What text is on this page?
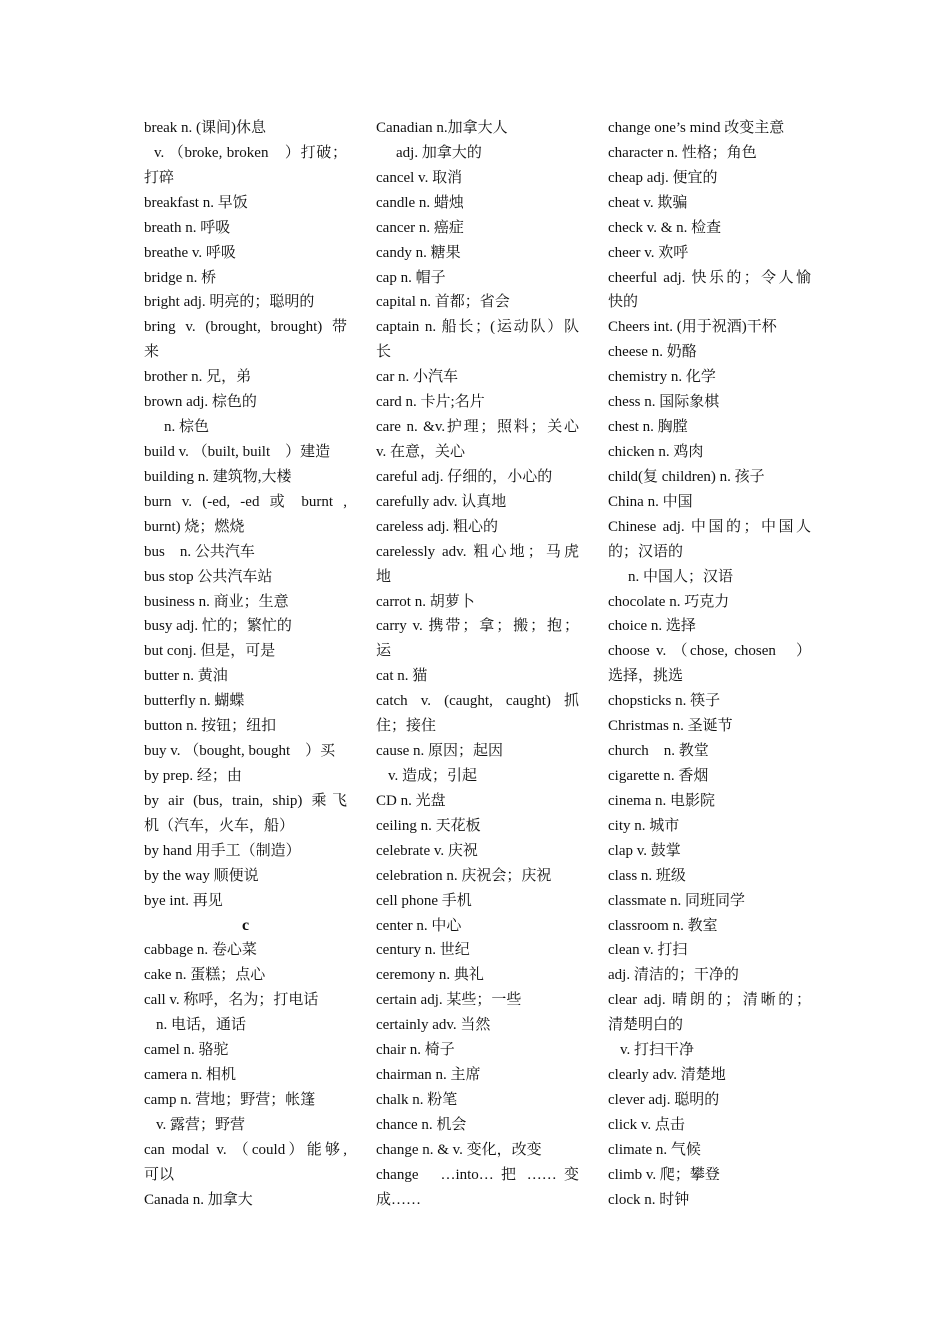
break n. (课间)休息
v. （broke, broken　）打破；
打碎
breakfast n. 早饭
breath n. 呼吸
breathe v. 呼吸
bridge n. 桥
bright adj. 明亮的；聪明的
bring v. (brought, brought) 带
来
brother n. 兄，弟
brown adj. 棕色的
n. 棕色
build v. （built, built　）建造
building n. 建筑物,大楼
burn v. (-ed, -ed 或 burnt ,
burnt) 烧；燃烧
bus　n. 公共汽车
bus stop 公共汽车站
business n. 商业；生意
busy adj. 忙的；繁忙的
but conj. 但是，可是
butter n. 黄油
butterfly n. 蝴蝶
button n. 按钮；纽扣
buy v. （bought, bought　）买
by prep. 经；由
by air (bus, train, ship) 乘飞
机（汽车，火车，船）
by hand 用手工（制造）
by the way 顺便说
bye int. 再见
c
cabbage n. 卷心菜
cake n. 蛋糕；点心
call v. 称呼，名为；打电话
n. 电话，通话
camel n. 骆驼
camera n. 相机
camp n. 营地；野营；帐篷
v. 露营；野营
can modal v. （could）能够,
可以
Canada n. 加拿大
Canadian n.加拿大人
adj. 加拿大的
cancel v. 取消
candle n. 蜡烛
cancer n. 癌症
candy n. 糖果
cap n. 帽子
capital n. 首都；省会
captain n. 船长；(运动队）队
长
car n. 小汽车
card n. 卡片;名片
care n. &v.护理；照料；关心
v. 在意，关心
careful adj. 仔细的，小心的
carefully adv. 认真地
careless adj. 粗心的
carelessly adv. 粗心地；马虎
地
carrot n. 胡萝卜
carry v. 携带；拿；搬；抱；
运
cat n. 猫
catch v. (caught, caught) 抓
住；接住
cause n. 原因；起因
v. 造成；引起
CD n. 光盘
ceiling n. 天花板
celebrate v. 庆祝
celebration n. 庆祝会；庆祝
cell phone 手机
center n. 中心
century n. 世纪
ceremony n. 典礼
certain adj. 某些；一些
certainly adv. 当然
chair n. 椅子
chairman n. 主席
chalk n. 粉笔
chance n. 机会
change n. & v. 变化，改变
change　…into… 把 …… 变
成……
change one’s mind 改变主意
character n. 性格；角色
cheap adj. 便宜的
cheat v. 欺骗
check v. & n. 检查
cheer v. 欢呼
cheerful adj. 快乐的；令人愉
快的
Cheers int. (用于祝酒)干杯
cheese n. 奶酪
chemistry n. 化学
chess n. 国际象棋
chest n. 胸膛
chicken n. 鸡肉
child(复 children) n. 孩子
China n. 中国
Chinese adj. 中国的；中国人
的；汉语的
n. 中国人；汉语
chocolate n. 巧克力
choice n. 选择
choose v. （chose, chosen　）
选择，挑选
chopsticks n. 筷子
Christmas n. 圣诞节
church　n. 教堂
cigarette n. 香烟
cinema n. 电影院
city n. 城市
clap v. 鼓掌
class n. 班级
classmate n. 同班同学
classroom n. 教室
clean v. 打扫
adj. 清洁的；干净的
clear adj. 晴朗的；清晰的；
清楚明白的
v. 打扫干净
clearly adv. 清楚地
clever adj. 聪明的
click v. 点击
climate n. 气候
climb v. 爬；攀登
clock n. 时钟
